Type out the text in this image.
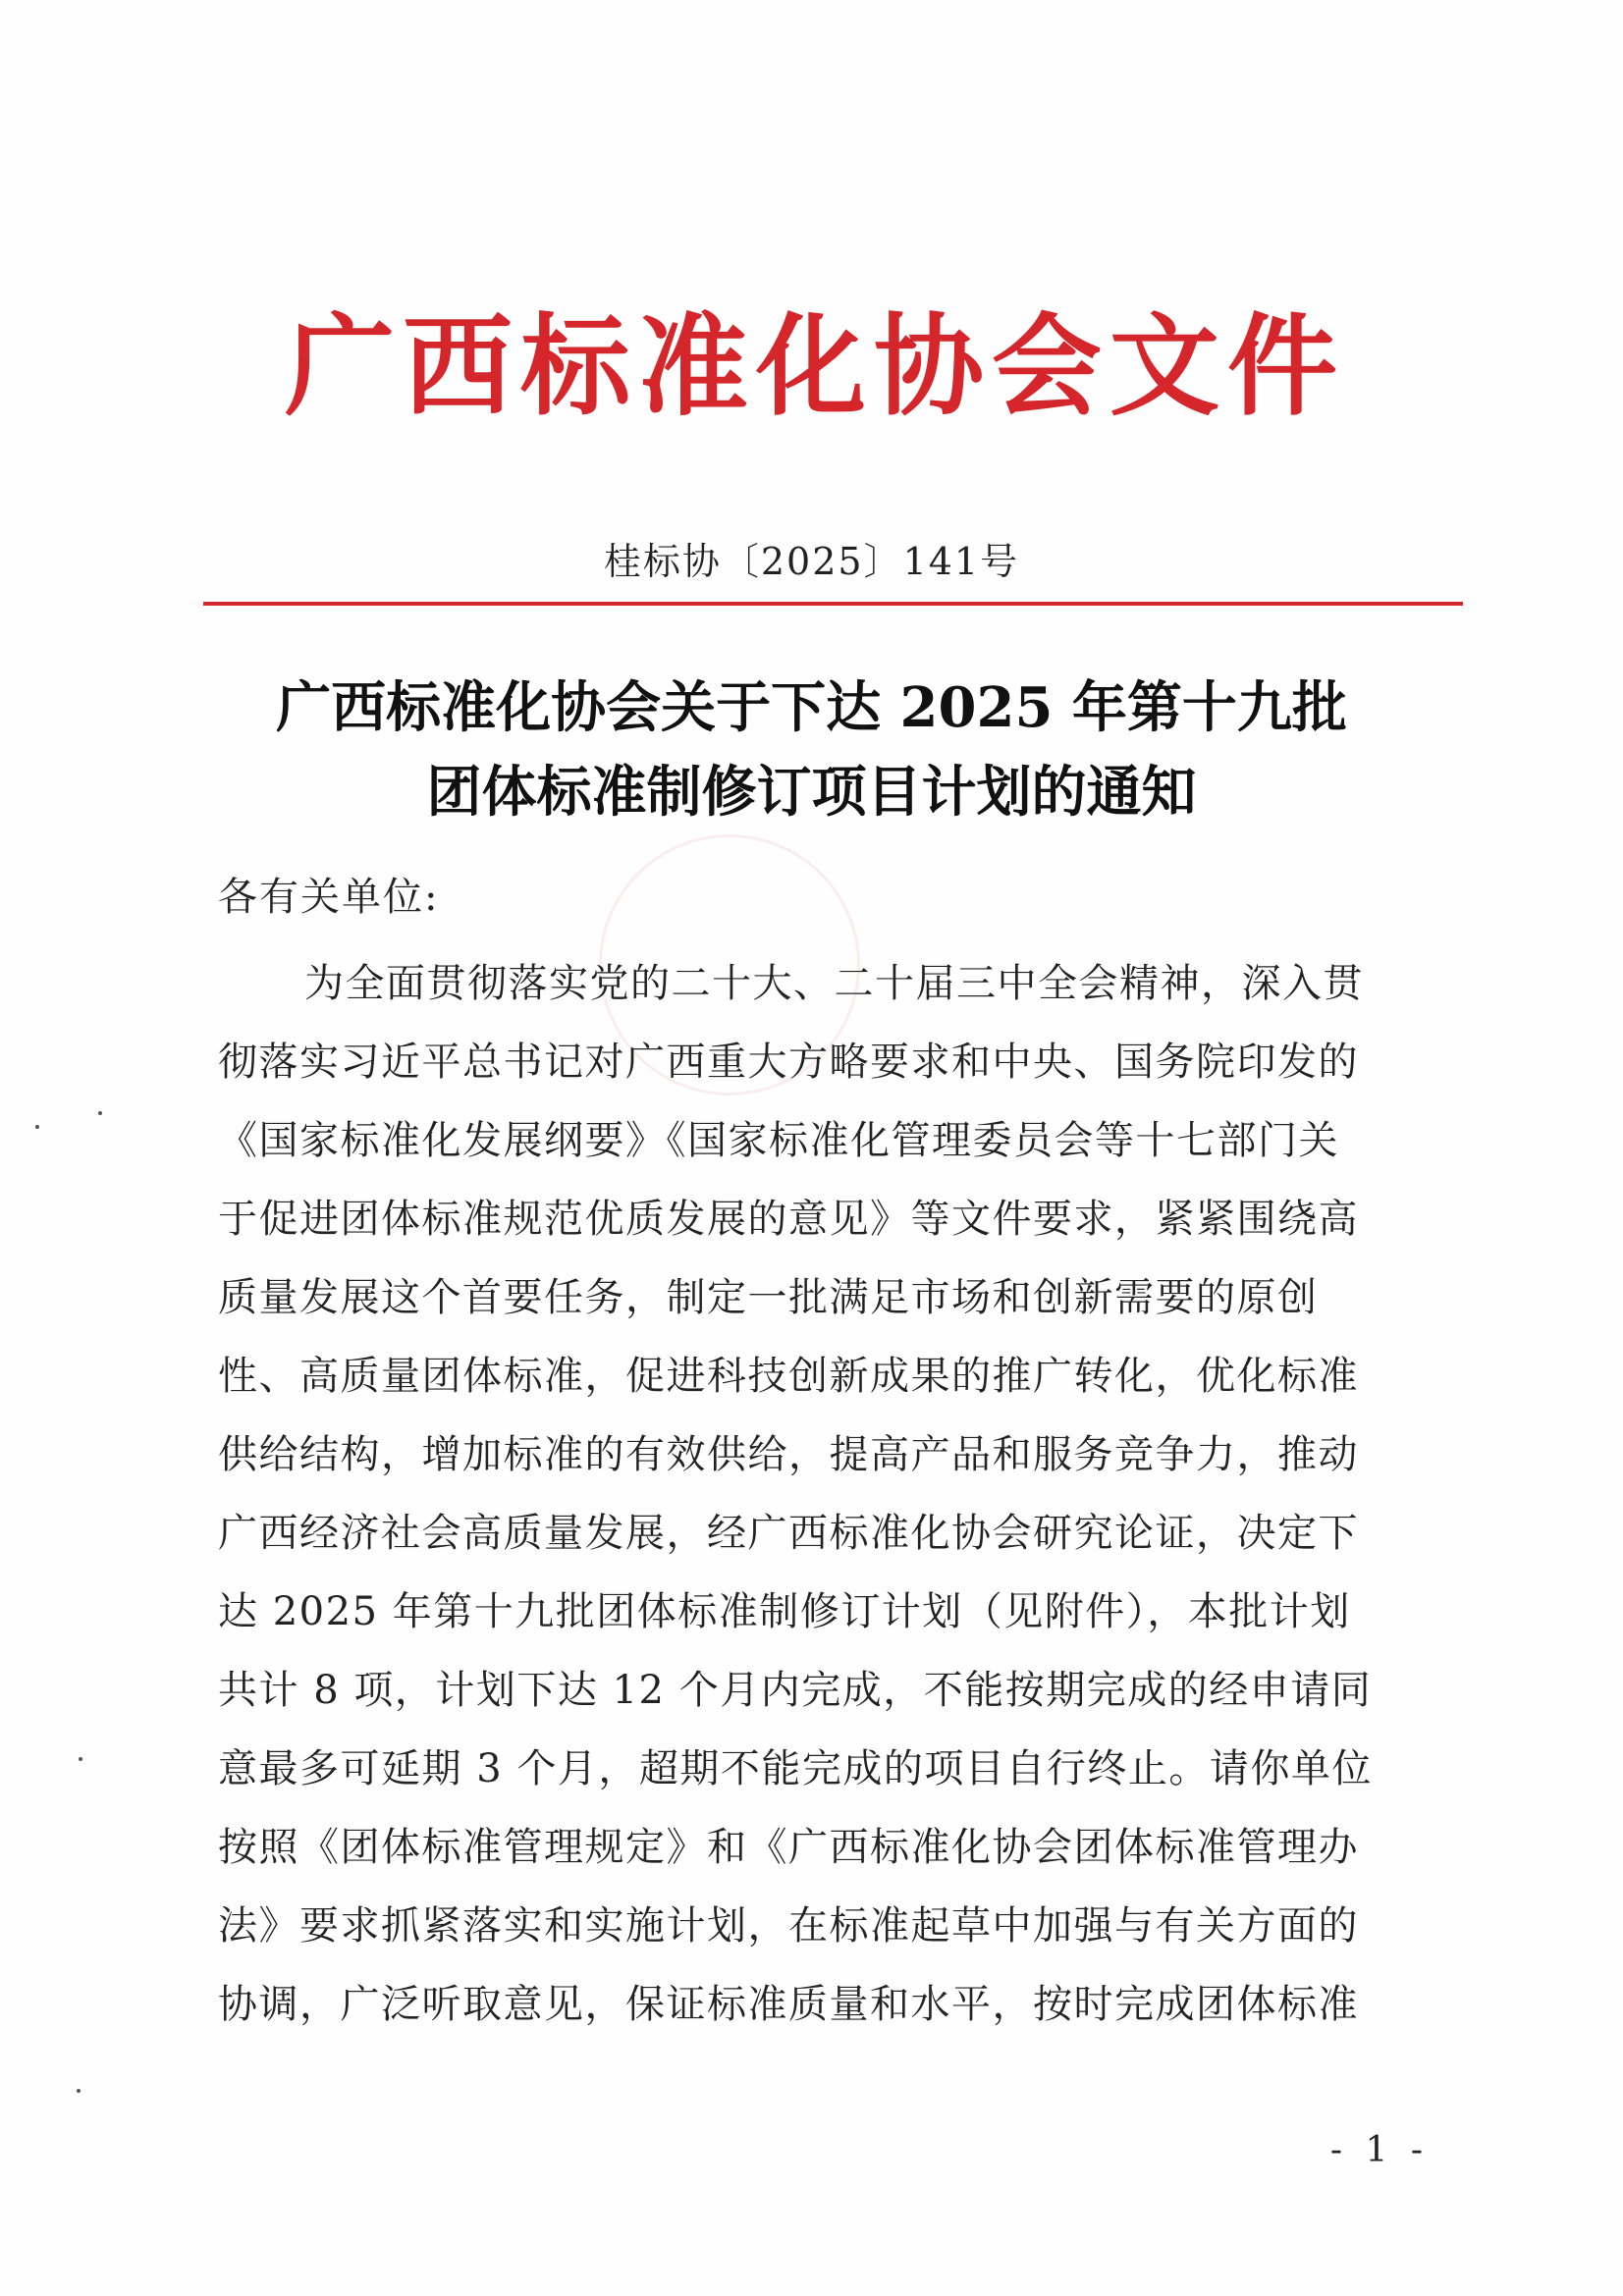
广西标准化协会文件
桂标协〔2025〕141号
广西标准化协会关于下达 2025 年第十九批
团体标准制修订项目计划的通知
各有关单位:
为全面贯彻落实党的二十大、二十届三中全会精神，深入贯
彻落实习近平总书记对广西重大方略要求和中央、国务院印发的
《国家标准化发展纲要》《国家标准化管理委员会等十七部门关
于促进团体标准规范优质发展的意见》等文件要求，紧紧围绕高
质量发展这个首要任务，制定一批满足市场和创新需要的原创
性、高质量团体标准，促进科技创新成果的推广转化，优化标准
供给结构，增加标准的有效供给，提高产品和服务竞争力，推动
广西经济社会高质量发展，经广西标准化协会研究论证，决定下
达 2025 年第十九批团体标准制修订计划（见附件），本批计划
共计 8 项，计划下达 12 个月内完成，不能按期完成的经申请同
意最多可延期 3 个月，超期不能完成的项目自行终止。请你单位
按照《团体标准管理规定》和《广西标准化协会团体标准管理办
法》要求抓紧落实和实施计划，在标准起草中加强与有关方面的
协调，广泛听取意见，保证标准质量和水平，按时完成团体标准
- 1 -
